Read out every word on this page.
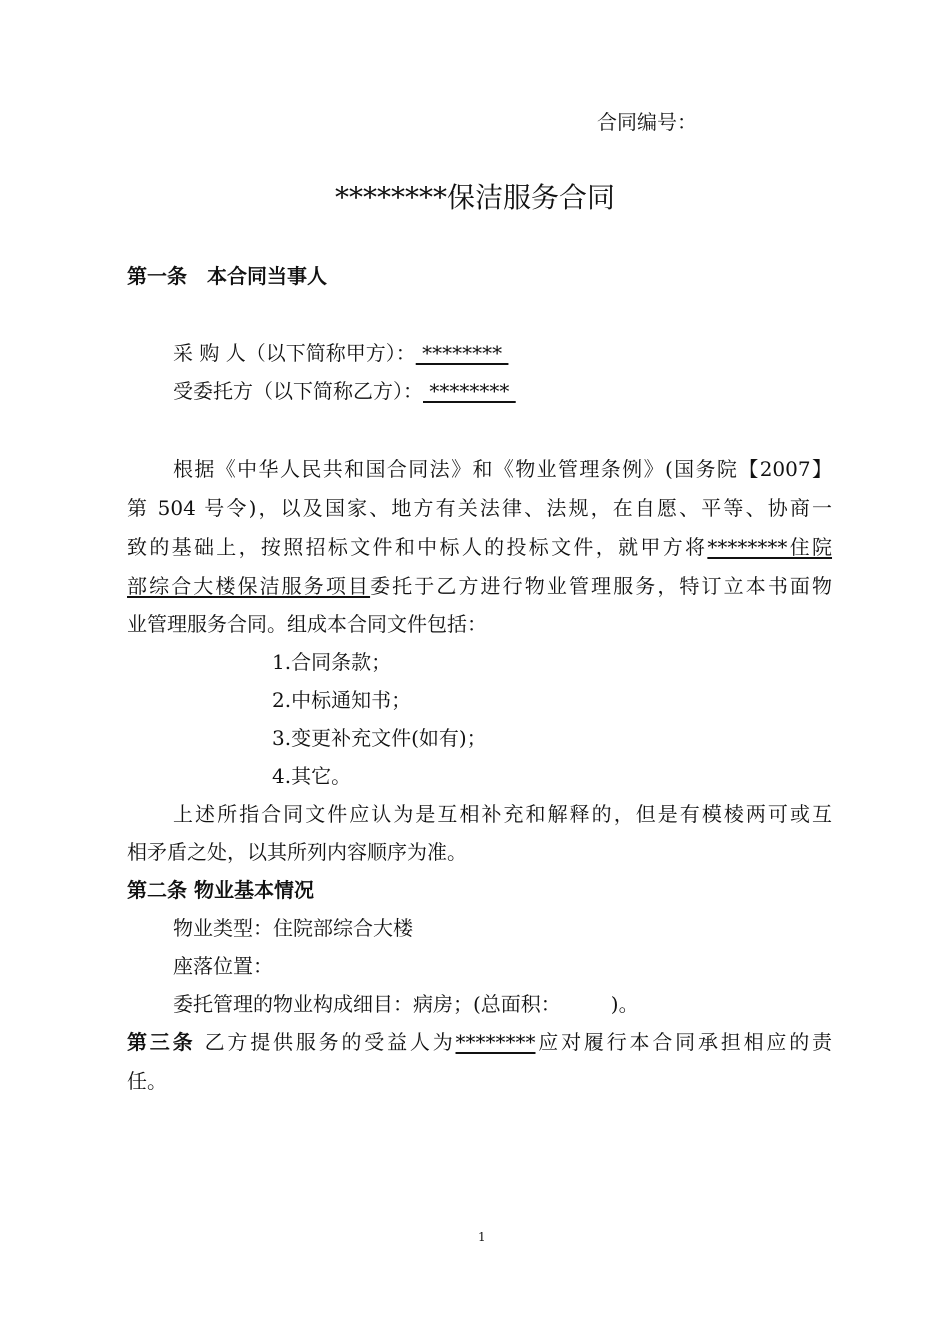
合同编号：
********保洁服务合同
第一条　本合同当事人
采 购 人（以下简称甲方）： ********
受委托方（以下简称乙方）： ********
根据《中华人民共和国合同法》和《物业管理条例》(国务院【2007】
第 504 号令)，以及国家、地方有关法律、法规，在自愿、平等、协商一
致的基础上，按照招标文件和中标人的投标文件，就甲方将********住院
部综合大楼保洁服务项目委托于乙方进行物业管理服务，特订立本书面物
业管理服务合同。组成本合同文件包括：
1.合同条款；
2.中标通知书；
3.变更补充文件(如有)；
4.其它。
上述所指合同文件应认为是互相补充和解释的，但是有模棱两可或互
相矛盾之处，以其所列内容顺序为准。
第二条 物业基本情况
物业类型：住院部综合大楼
座落位置：
委托管理的物业构成细目：病房；(总面积：　　　)。
第三条 乙方提供服务的受益人为********应对履行本合同承担相应的责
任。
1
